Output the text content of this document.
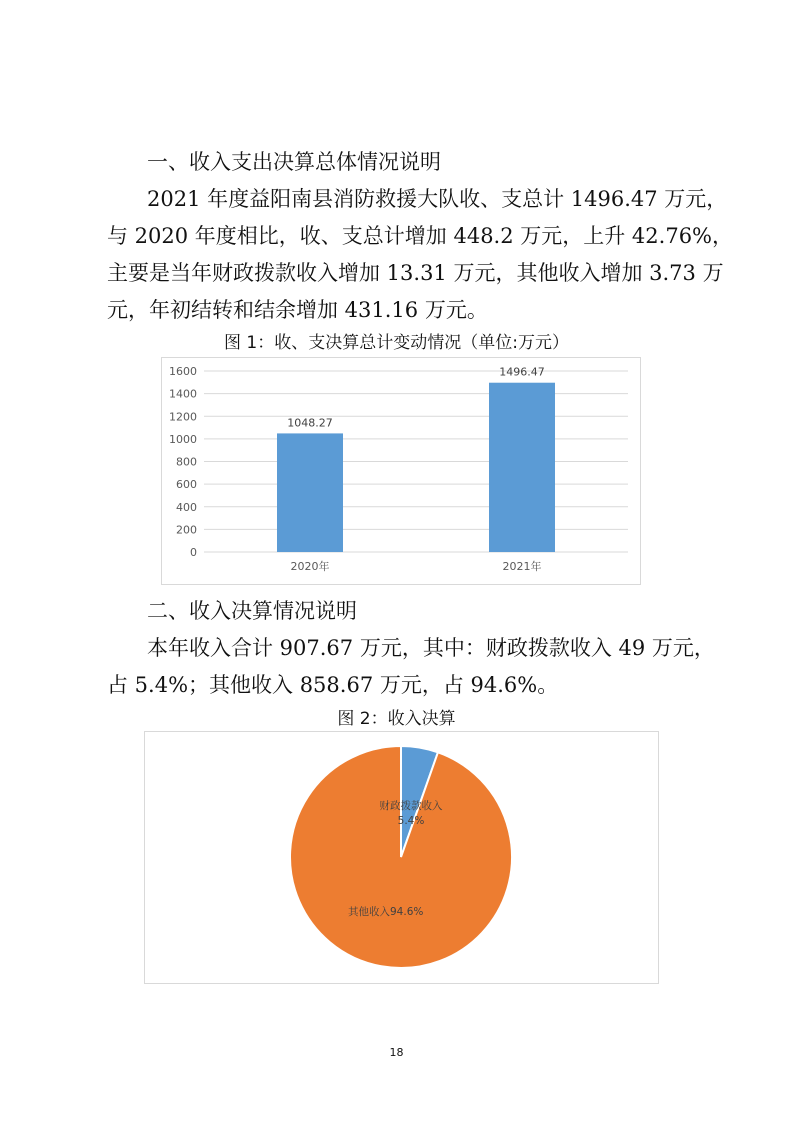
一、收入支出决算总体情况说明
2021 年度益阳南县消防救援大队收、支总计 1496.47 万元，
与 2020 年度相比，收、支总计增加 448.2 万元，上升 42.76%，
主要是当年财政拨款收入增加 13.31 万元，其他收入增加 3.73 万
元，年初结转和结余增加 431.16 万元。
图 1：收、支决算总计变动情况（单位:万元）
0
200
400
600
800
1000
1200
1400
1600
1048.27
2020年
1496.47
2021年
二、收入决算情况说明
本年收入合计 907.67 万元，其中：财政拨款收入 49 万元，
占 5.4%；其他收入 858.67 万元，占 94.6%。
图 2：收入决算
财政拨款收入
5.4%
其他收入 94.6%
18
